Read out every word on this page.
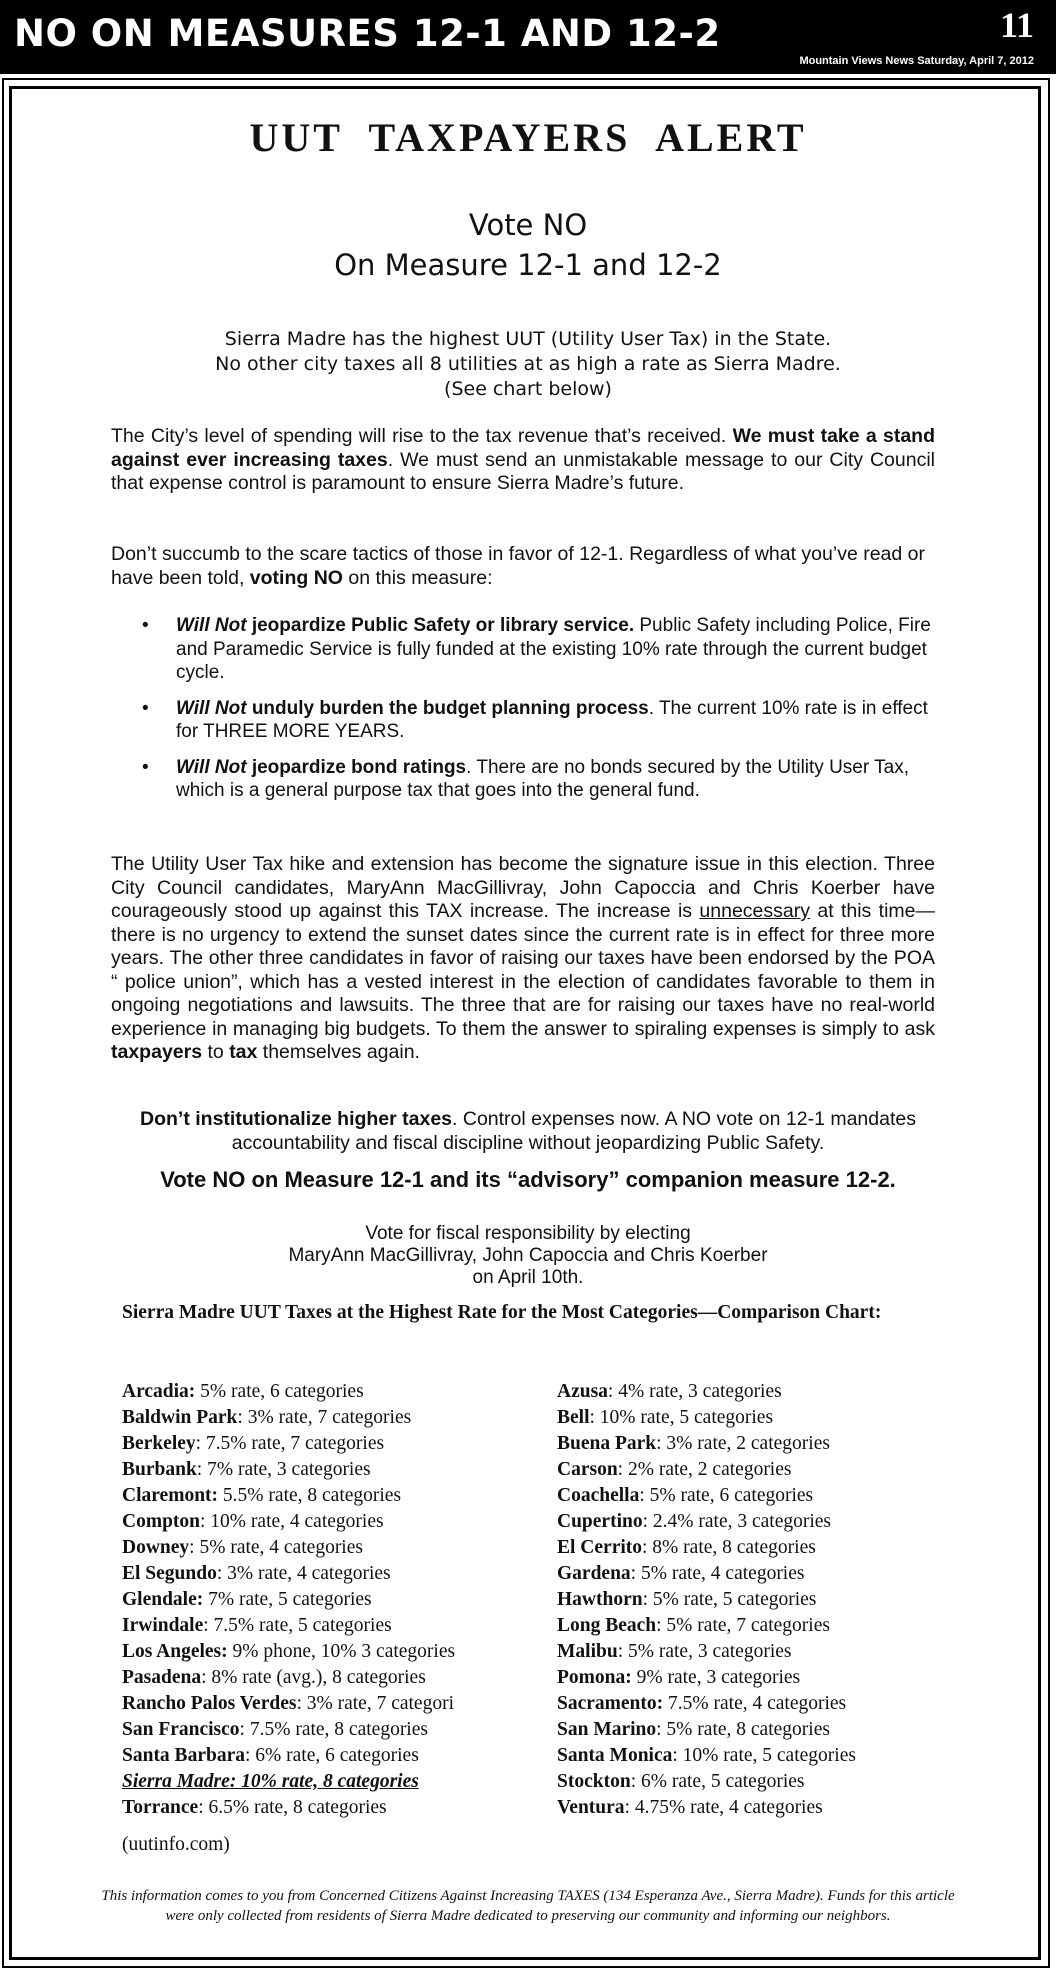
NO ON MEASURES 12-1 AND 12-2	11
Mountain Views News Saturday, April 7, 2012
UUT TAXPAYERS ALERT
Vote NO
On Measure 12-1 and 12-2
Sierra Madre has the highest UUT (Utility User Tax) in the State.
No other city taxes all 8 utilities at as high a rate as Sierra Madre.
(See chart below)
The City’s level of spending will rise to the tax revenue that’s received. We must take a stand against ever increasing taxes. We must send an unmistakable message to our City Council that expense control is paramount to ensure Sierra Madre’s future.
Don’t succumb to the scare tactics of those in favor of 12-1. Regardless of what you’ve read or have been told, voting NO on this measure:
• Will Not jeopardize Public Safety or library service. Public Safety including Police, Fire and Paramedic Service is fully funded at the existing 10% rate through the current budget cycle.
• Will Not unduly burden the budget planning process. The current 10% rate is in effect for THREE MORE YEARS.
• Will Not jeopardize bond ratings. There are no bonds secured by the Utility User Tax, which is a general purpose tax that goes into the general fund.
The Utility User Tax hike and extension has become the signature issue in this election. Three City Council candidates, MaryAnn MacGillivray, John Capoccia and Chris Koerber have courageously stood up against this TAX increase. The increase is unnecessary at this time—there is no urgency to extend the sunset dates since the current rate is in effect for three more years. The other three candidates in favor of raising our taxes have been endorsed by the POA “ police union”, which has a vested interest in the election of candidates favorable to them in ongoing negotiations and lawsuits. The three that are for raising our taxes have no real-world experience in managing big budgets. To them the answer to spiraling expenses is simply to ask taxpayers to tax themselves again.
Don’t institutionalize higher taxes. Control expenses now. A NO vote on 12-1 mandates accountability and fiscal discipline without jeopardizing Public Safety.
Vote NO on Measure 12-1 and its “advisory” companion measure 12-2.
Vote for fiscal responsibility by electing
MaryAnn MacGillivray, John Capoccia and Chris Koerber
on April 10th.
Sierra Madre UUT Taxes at the Highest Rate for the Most Categories—Comparison Chart:
Arcadia: 5% rate, 6 categories
Baldwin Park: 3% rate, 7 categories
Berkeley: 7.5% rate, 7 categories
Burbank: 7% rate, 3 categories
Claremont: 5.5% rate, 8 categories
Compton: 10% rate, 4 categories
Downey: 5% rate, 4 categories
El Segundo: 3% rate, 4 categories
Glendale: 7% rate, 5 categories
Irwindale: 7.5% rate, 5 categories
Los Angeles: 9% phone, 10% 3 categories
Pasadena: 8% rate (avg.), 8 categories
Rancho Palos Verdes: 3% rate, 7 categori
San Francisco: 7.5% rate, 8 categories
Santa Barbara: 6% rate, 6 categories
Sierra Madre: 10% rate, 8 categories
Torrance: 6.5% rate, 8 categories
Azusa: 4% rate, 3 categories
Bell: 10% rate, 5 categories
Buena Park: 3% rate, 2 categories
Carson: 2% rate, 2 categories
Coachella: 5% rate, 6 categories
Cupertino: 2.4% rate, 3 categories
El Cerrito: 8% rate, 8 categories
Gardena: 5% rate, 4 categories
Hawthorn: 5% rate, 5 categories
Long Beach: 5% rate, 7 categories
Malibu: 5% rate, 3 categories
Pomona: 9% rate, 3 categories
Sacramento: 7.5% rate, 4 categories
San Marino: 5% rate, 8 categories
Santa Monica: 10% rate, 5 categories
Stockton: 6% rate, 5 categories
Ventura: 4.75% rate, 4 categories
(uutinfo.com)
This information comes to you from Concerned Citizens Against Increasing TAXES (134 Esperanza Ave., Sierra Madre). Funds for this article were only collected from residents of Sierra Madre dedicated to preserving our community and informing our neighbors.
